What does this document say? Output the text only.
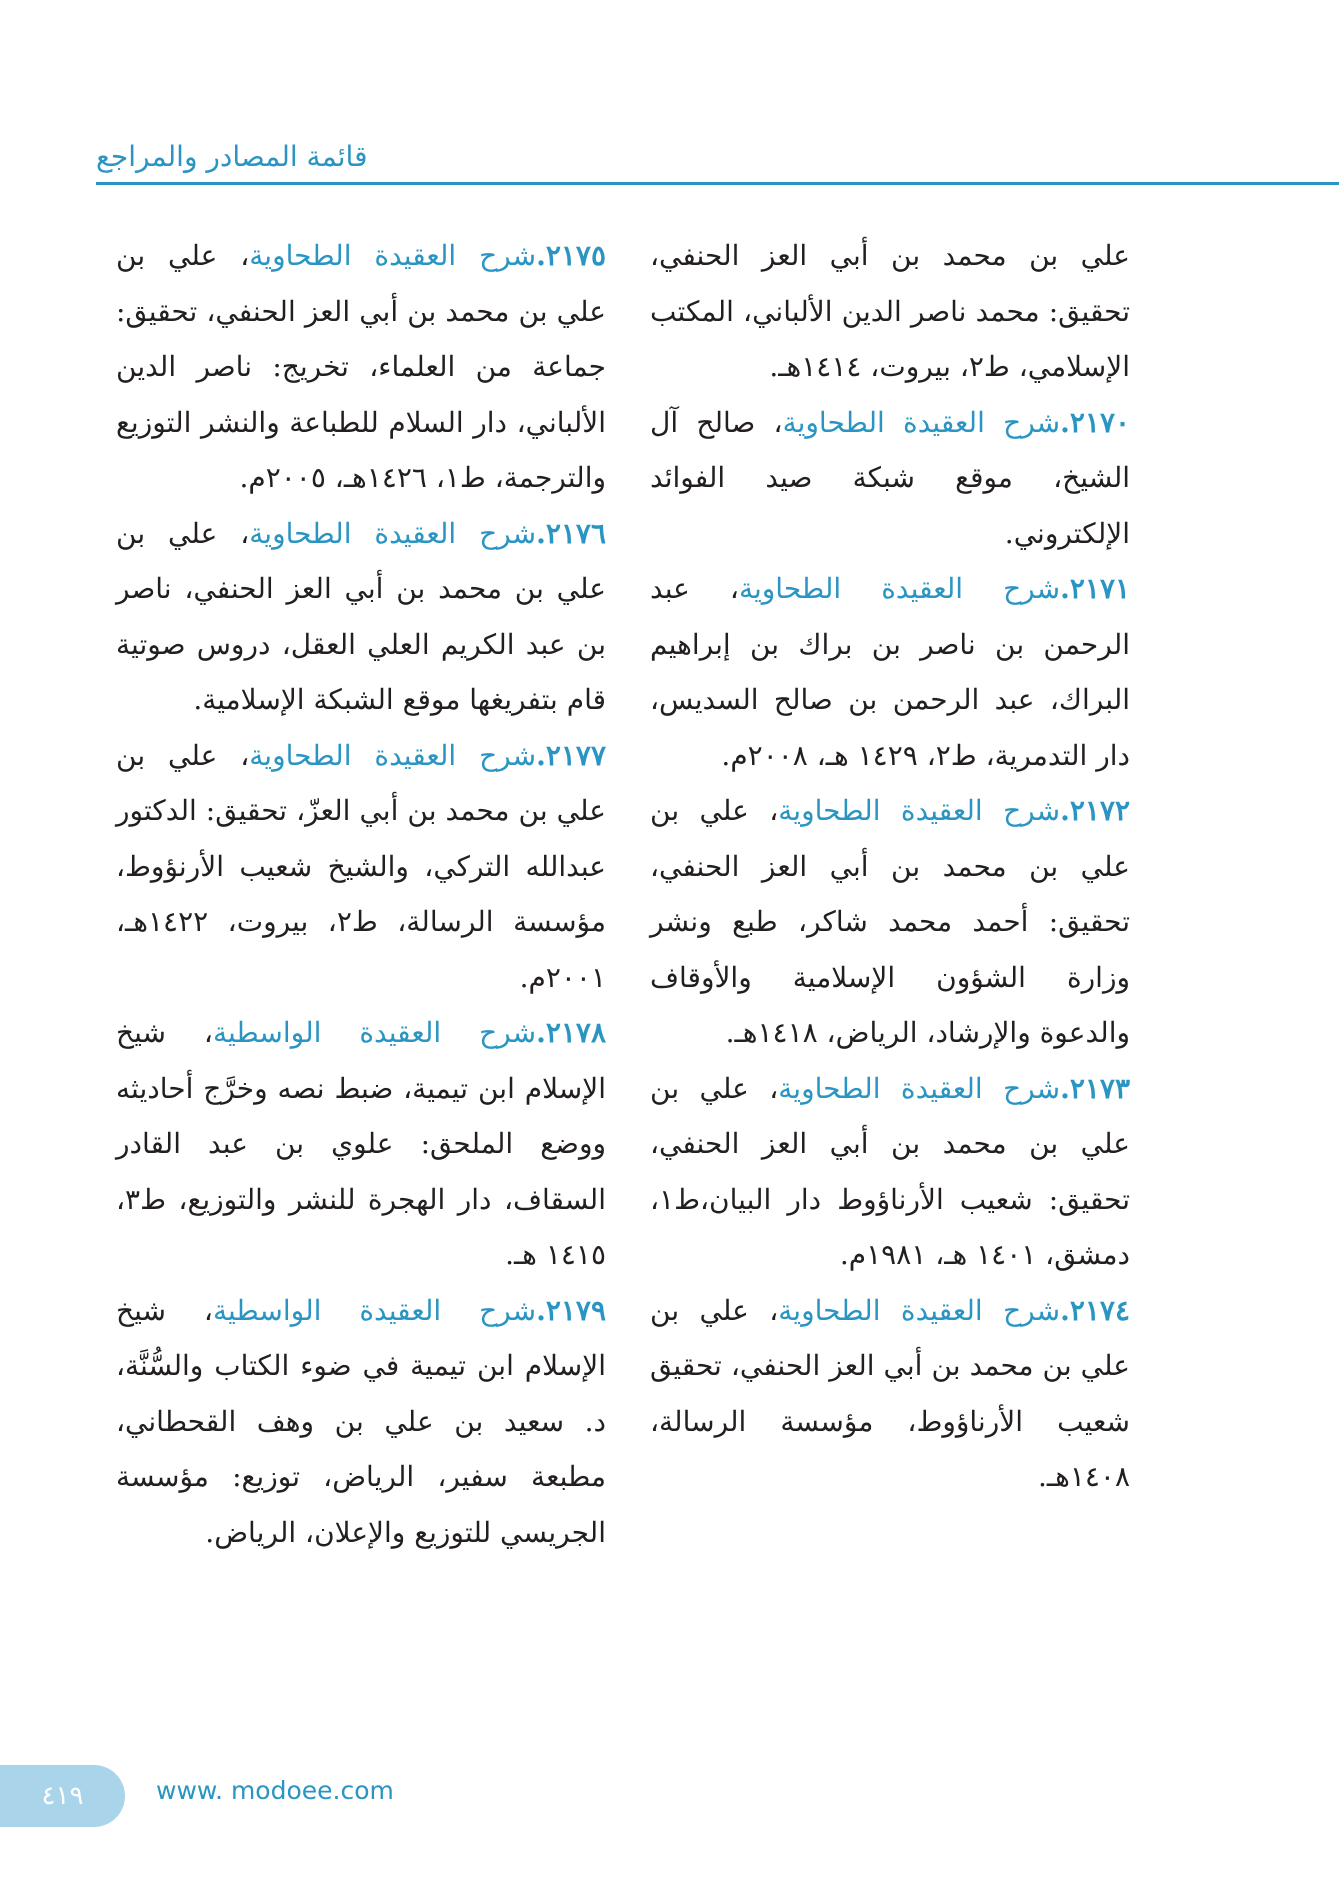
قائمة المصادر والمراجع

علي بن محمد بن أبي العز الحنفي، تحقيق: محمد ناصر الدين الألباني، المكتب الإسلامي، ط٢، بيروت، ١٤١٤هـ.

٢١٧٠.شرح العقيدة الطحاوية، صالح آل الشيخ، موقع شبكة صيد الفوائد الإلكتروني.

٢١٧١.شرح العقيدة الطحاوية، عبد الرحمن بن ناصر بن براك بن إبراهيم البراك، عبد الرحمن بن صالح السديس، دار التدمرية، ط٢، ١٤٢٩ هـ، ٢٠٠٨م.

٢١٧٢.شرح العقيدة الطحاوية، علي بن علي بن محمد بن أبي العز الحنفي، تحقيق: أحمد محمد شاكر، طبع ونشر وزارة الشؤون الإسلامية والأوقاف والدعوة والإرشاد، الرياض، ١٤١٨هـ.

٢١٧٣.شرح العقيدة الطحاوية، علي بن علي بن محمد بن أبي العز الحنفي، تحقيق: شعيب الأرناؤوط دار البيان،ط١، دمشق، ١٤٠١ هـ، ١٩٨١م.

٢١٧٤.شرح العقيدة الطحاوية، علي بن علي بن محمد بن أبي العز الحنفي، تحقيق شعيب الأرناؤوط، مؤسسة الرسالة، ١٤٠٨هـ.

٢١٧٥.شرح العقيدة الطحاوية، علي بن علي بن محمد بن أبي العز الحنفي، تحقيق: جماعة من العلماء، تخريج: ناصر الدين الألباني، دار السلام للطباعة والنشر التوزيع والترجمة، ط١، ١٤٢٦هـ، ٢٠٠٥م.

٢١٧٦.شرح العقيدة الطحاوية، علي بن علي بن محمد بن أبي العز الحنفي، ناصر بن عبد الكريم العلي العقل، دروس صوتية قام بتفريغها موقع الشبكة الإسلامية.

٢١٧٧.شرح العقيدة الطحاوية، علي بن علي بن محمد بن أبي العزّ، تحقيق: الدكتور عبدالله التركي، والشيخ شعيب الأرنؤوط، مؤسسة الرسالة، ط٢، بيروت، ١٤٢٢هـ، ٢٠٠١م.

٢١٧٨.شرح العقيدة الواسطية، شيخ الإسلام ابن تيمية، ضبط نصه وخرَّج أحاديثه ووضع الملحق: علوي بن عبد القادر السقاف، دار الهجرة للنشر والتوزيع، ط٣، ١٤١٥ هـ.

٢١٧٩.شرح العقيدة الواسطية، شيخ الإسلام ابن تيمية في ضوء الكتاب والسُّنَّة، د. سعيد بن علي بن وهف القحطاني، مطبعة سفير، الرياض، توزيع: مؤسسة الجريسي للتوزيع والإعلان، الرياض.

٤١٩	www. modoee.com
